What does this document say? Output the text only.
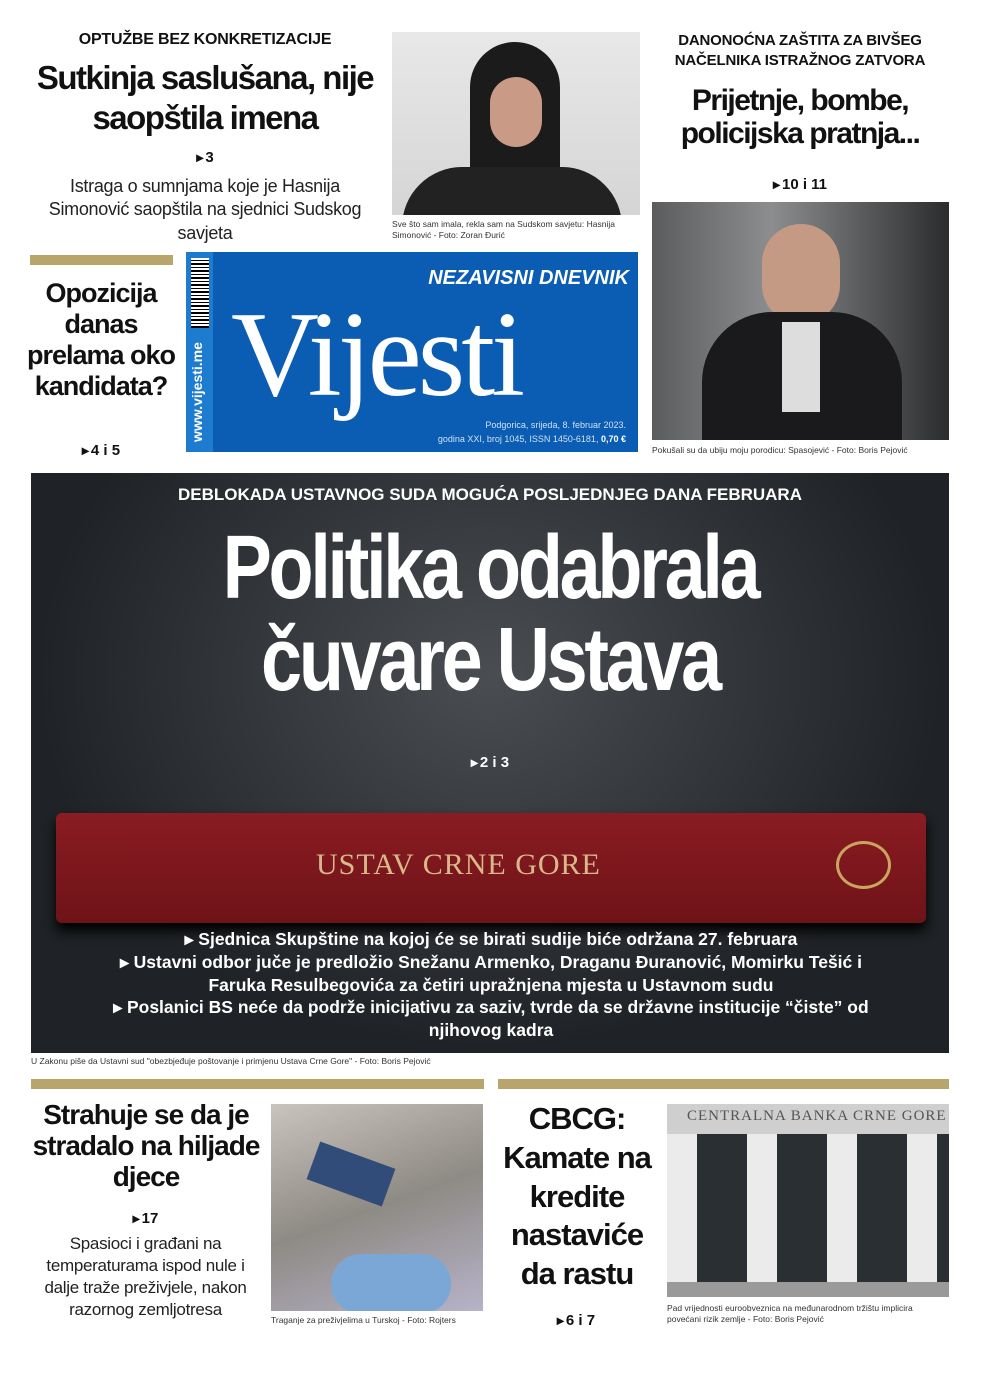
OPTUŽBE BEZ KONKRETIZACIJE
Sutkinja saslušana, nije saopštila imena
▸ 3
Istraga o sumnjama koje je Hasnija Simonović saopštila na sjednici Sudskog savjeta	Sve što sam imala, rekla sam na Sudskom savjetu: Hasnija Simonović - Foto: Zoran Đurić
DANONOĆNA ZAŠTITA ZA BIVŠEG NAČELNIKA ISTRAŽNOG ZATVORA
Prijetnje, bombe, policijska pratnja...
▸ 10 i 11
Pokušali su da ubiju moju porodicu: Spasojević - Foto: Boris Pejović
Opozicija danas prelama oko kandidata?
▸ 4 i 5
www.vijesti.me
NEZAVISNI DNEVNIK
Vijesti
Podgorica, srijeda, 8. februar 2023.
godina XXI, broj 1045, ISSN 1450-6181, 0,70 €
USTAV CRNE GORE
DEBLOKADA USTAVNOG SUDA MOGUĆA POSLJEDNJEG DANA FEBRUARA
Politika odabrala
čuvare Ustava
▸ 2 i 3
▸ Sjednica Skupštine na kojoj će se birati sudije biće održana 27. februara
▸ Ustavni odbor juče je predložio Snežanu Armenko, Draganu Đuranović, Momirku Tešić i Faruka Resulbegovića za četiri upražnjena mjesta u Ustavnom sudu
▸ Poslanici BS neće da podrže inicijativu za saziv, tvrde da se državne institucije “čiste” od njihovog kadra
U Zakonu piše da Ustavni sud "obezbjeđuje poštovanje i primjenu Ustava Crne Gore" - Foto: Boris Pejović
Strahuje se da je stradalo na hiljade djece
▸ 17
Spasioci i građani na temperaturama ispod nule i dalje traže preživjele, nakon razornog zemljotresa
Traganje za preživjelima u Turskoj - Foto: Rojters
CBCG: Kamate na kredite nastaviće da rastu
▸ 6 i 7
CENTRALNA BANKA CRNE GORE
Pad vrijednosti euroobveznica na međunarodnom tržištu implicira povećani rizik zemlje - Foto: Boris Pejović
